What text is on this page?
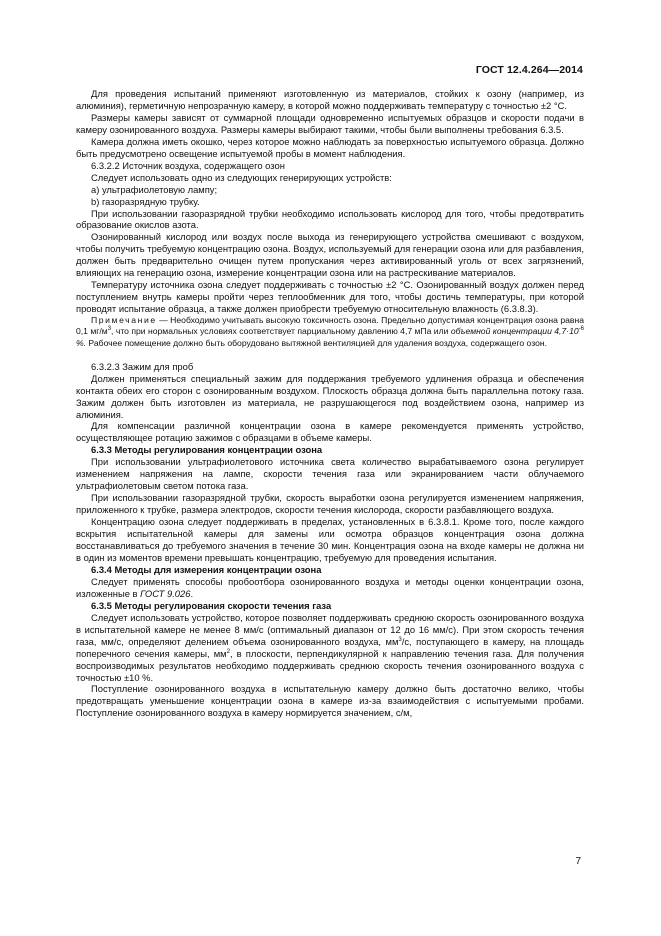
ГОСТ 12.4.264—2014

Для проведения испытаний применяют изготовленную из материалов, стойких к озону (например, из алюминия), герметичную непрозрачную камеру, в которой можно поддерживать температуру с точностью ±2 °С.

Размеры камеры зависят от суммарной площади одновременно испытуемых образцов и скорости подачи в камеру озонированного воздуха. Размеры камеры выбирают такими, чтобы были выполнены требования 6.3.5.

Камера должна иметь окошко, через которое можно наблюдать за поверхностью испытуемого образца. Должно быть предусмотрено освещение испытуемой пробы в момент наблюдения.

6.3.2.2 Источник воздуха, содержащего озон

Следует использовать одно из следующих генерирующих устройств:

a) ультрафиолетовую лампу;

b) газоразрядную трубку.

При использовании газоразрядной трубки необходимо использовать кислород для того, чтобы предотвратить образование окислов азота.

Озонированный кислород или воздух после выхода из генерирующего устройства смешивают с воздухом, чтобы получить требуемую концентрацию озона. Воздух, используемый для генерации озона или для разбавления, должен быть предварительно очищен путем пропускания через активированный уголь от всех загрязнений, влияющих на генерацию озона, измерение концентрации озона или на растрескивание материалов.

Температуру источника озона следует поддерживать с точностью ±2 °С. Озонированный воздух должен перед поступлением внутрь камеры пройти через теплообменник для того, чтобы достичь температуры, при которой проводят испытание образца, а также должен приобрести требуемую относительную влажность (6.3.8.3).

Примечание — Необходимо учитывать высокую токсичность озона. Предельно допустимая концентрация озона равна 0,1 $мг/м^3$, что при нормальных условиях соответствует парциальному давлению 4,7 мПа или объемной концентрации $4,7\cdot 10^{-6}$ %. Рабочее помещение должно быть оборудовано вытяжной вентиляцией для удаления воздуха, содержащего озон.

6.3.2.3 Зажим для проб

Должен применяться специальный зажим для поддержания требуемого удлинения образца и обеспечения контакта обеих его сторон с озонированным воздухом. Плоскость образца должна быть параллельна потоку газа. Зажим должен быть изготовлен из материала, не разрушающегося под воздействием озона, например из алюминия.

Для компенсации различной концентрации озона в камере рекомендуется применять устройство, осуществляющее ротацию зажимов с образцами в объеме камеры.

6.3.3 Методы регулирования концентрации озона

При использовании ультрафиолетового источника света количество вырабатываемого озона регулирует изменением напряжения на лампе, скорости течения газа или экранированием части облучаемого ультрафиолетовым светом потока газа.

При использовании газоразрядной трубки, скорость выработки озона регулируется изменением напряжения, приложенного к трубке, размера электродов, скорости течения кислорода, скорости разбавляющего воздуха.

Концентрацию озона следует поддерживать в пределах, установленных в 6.3.8.1. Кроме того, после каждого вскрытия испытательной камеры для замены или осмотра образцов концентрация озона должна восстанавливаться до требуемого значения в течение 30 мин. Концентрация озона на входе камеры не должна ни в один из моментов времени превышать концентрацию, требуемую для проведения испытания.

6.3.4 Методы для измерения концентрации озона

Следует применять способы пробоотбора озонированного воздуха и методы оценки концентрации озона, изложенные в ГОСТ 9.026.

6.3.5 Методы регулирования скорости течения газа

Следует использовать устройство, которое позволяет поддерживать среднюю скорость озонированного воздуха в испытательной камере не менее 8 мм/с (оптимальный диапазон от 12 до 16 мм/с). При этом скорость течения газа, мм/с, определяют делением объема озонированного воздуха, $мм^3/с$, поступающего в камеру, на площадь поперечного сечения камеры, $мм^2$, в плоскости, перпендикулярной к направлению течения газа. Для получения воспроизводимых результатов необходимо поддерживать среднюю скорость течения озонированного воздуха с точностью ±10 %.

Поступление озонированного воздуха в испытательную камеру должно быть достаточно велико, чтобы предотвращать уменьшение концентрации озона в камере из-за взаимодействия с испытуемыми пробами. Поступление озонированного воздуха в камеру нормируется значением, с/м,

7
